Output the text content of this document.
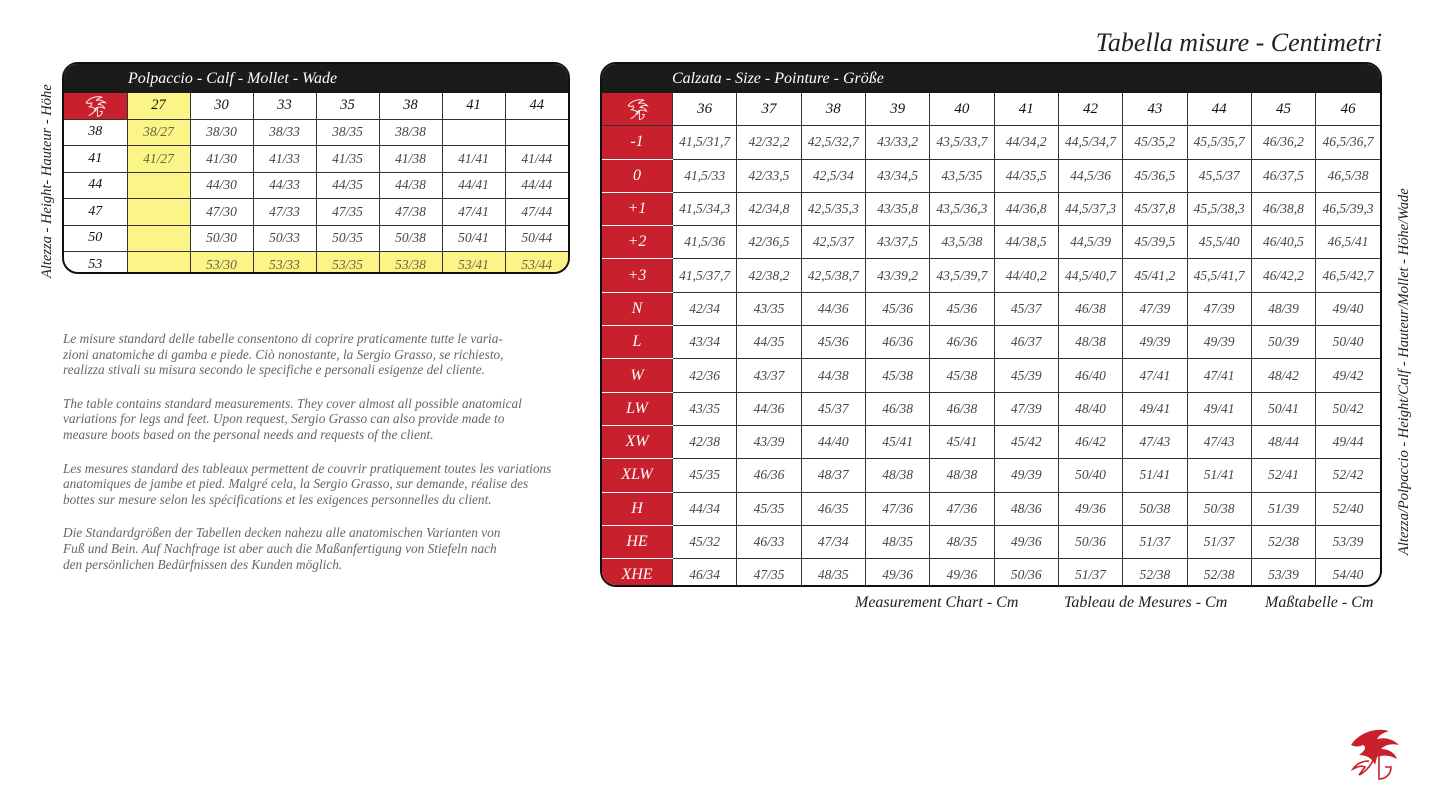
Tabella misure - Centimetri
Altezza - Height- Hauteur - Höhe
Polpaccio - Calf - Mollet - Wade
	27	30	33	35	38	41	44
38	38/27	38/30	38/33	38/35	38/38		
41	41/27	41/30	41/33	41/35	41/38	41/41	41/44
44		44/30	44/33	44/35	44/38	44/41	44/44
47		47/30	47/33	47/35	47/38	47/41	47/44
50		50/30	50/33	50/35	50/38	50/41	50/44
53		53/30	53/33	53/35	53/38	53/41	53/44
Calzata - Size - Pointure - Größe
	36	37	38	39	40	41	42	43	44	45	46
-1	41,5/31,7	42/32,2	42,5/32,7	43/33,2	43,5/33,7	44/34,2	44,5/34,7	45/35,2	45,5/35,7	46/36,2	46,5/36,7
0	41,5/33	42/33,5	42,5/34	43/34,5	43,5/35	44/35,5	44,5/36	45/36,5	45,5/37	46/37,5	46,5/38
+1	41,5/34,3	42/34,8	42,5/35,3	43/35,8	43,5/36,3	44/36,8	44,5/37,3	45/37,8	45,5/38,3	46/38,8	46,5/39,3
+2	41,5/36	42/36,5	42,5/37	43/37,5	43,5/38	44/38,5	44,5/39	45/39,5	45,5/40	46/40,5	46,5/41
+3	41,5/37,7	42/38,2	42,5/38,7	43/39,2	43,5/39,7	44/40,2	44,5/40,7	45/41,2	45,5/41,7	46/42,2	46,5/42,7
N	42/34	43/35	44/36	45/36	45/36	45/37	46/38	47/39	47/39	48/39	49/40
L	43/34	44/35	45/36	46/36	46/36	46/37	48/38	49/39	49/39	50/39	50/40
W	42/36	43/37	44/38	45/38	45/38	45/39	46/40	47/41	47/41	48/42	49/42
LW	43/35	44/36	45/37	46/38	46/38	47/39	48/40	49/41	49/41	50/41	50/42
XW	42/38	43/39	44/40	45/41	45/41	45/42	46/42	47/43	47/43	48/44	49/44
XLW	45/35	46/36	48/37	48/38	48/38	49/39	50/40	51/41	51/41	52/41	52/42
H	44/34	45/35	46/35	47/36	47/36	48/36	49/36	50/38	50/38	51/39	52/40
HE	45/32	46/33	47/34	48/35	48/35	49/36	50/36	51/37	51/37	52/38	53/39
XHE	46/34	47/35	48/35	49/36	49/36	50/36	51/37	52/38	52/38	53/39	54/40
Altezza/Polpaccio - Height/Calf - Hauteur/Mollet - Höhe/Wade

Le misure standard delle tabelle consentono di coprire praticamente tutte le varia-
zioni anatomiche di gamba e piede. Ciò nonostante, la Sergio Grasso, se richiesto,
realizza stivali su misura secondo le specifiche e personali esigenze del cliente.

The table contains standard measurements. They cover almost all possible anatomical
variations for legs and feet. Upon request, Sergio Grasso can also provide made to
measure boots based on the personal needs and requests of the client.

Les mesures standard des tableaux permettent de couvrir pratiquement toutes les variations
anatomiques de jambe et pied. Malgré cela, la Sergio Grasso, sur demande, réalise des
bottes sur mesure selon les spécifications et les exigences personnelles du client.

Die Standardgrößen der Tabellen decken nahezu alle anatomischen Varianten von
Fuß und Bein. Auf Nachfrage ist aber auch die Maßanfertigung von Stiefeln nach
den persönlichen Bedürfnissen des Kunden möglich.

Measurement Chart - Cm	Tableau de Mesures - Cm Maßtabelle - Cm
